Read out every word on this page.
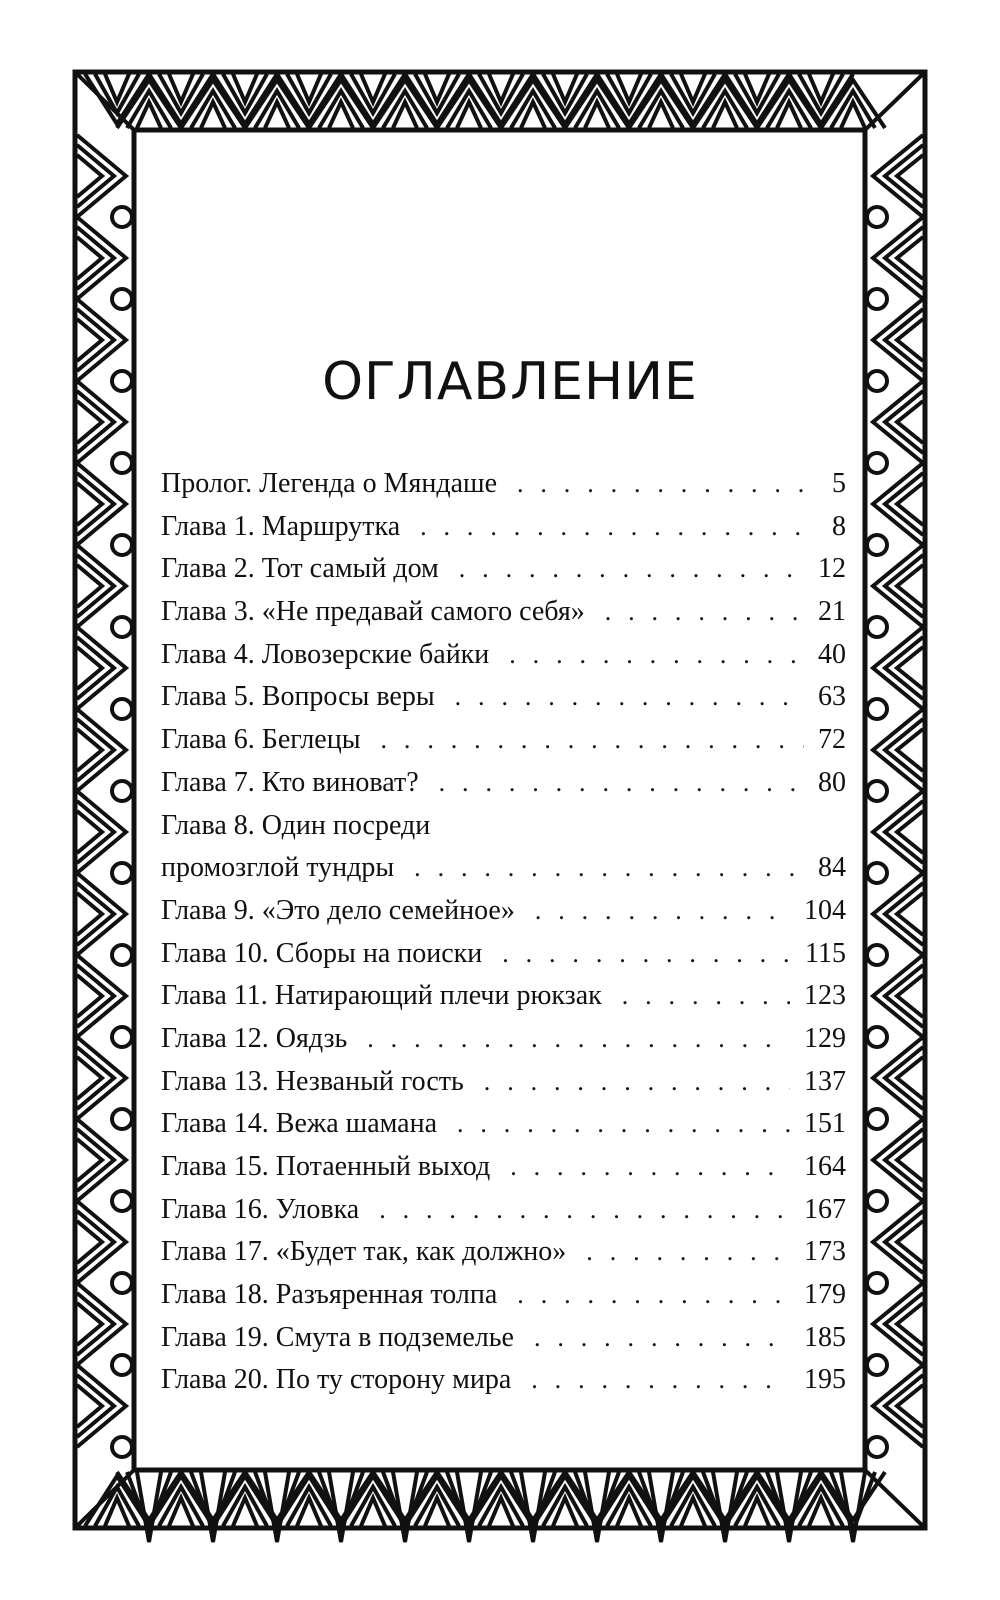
ОГЛАВЛЕНИЕ
Пролог. Легенда о Мяндаше . . .	5
Глава 1. Маршрутка . . .	8
Глава 2. Тот самый дом . . .	12
Глава 3. «Не предавай самого себя» . . .	21
Глава 4. Ловозерские байки . . .	40
Глава 5. Вопросы веры . . .	63
Глава 6. Беглецы . . .	72
Глава 7. Кто виноват? . . .	80
Глава 8. Один посреди
промозглой тундры . . .	84
Глава 9. «Это дело семейное» . . .	104
Глава 10. Сборы на поиски . . .	115
Глава 11. Натирающий плечи рюкзак . . .	123
Глава 12. Оядзь . . .	129
Глава 13. Незваный гость . . .	137
Глава 14. Вежа шамана . . .	151
Глава 15. Потаенный выход . . .	164
Глава 16. Уловка . . .	167
Глава 17. «Будет так, как должно» . . .	173
Глава 18. Разъяренная толпа . . .	179
Глава 19. Смута в подземелье . . .	185
Глава 20. По ту сторону мира . . .	195
